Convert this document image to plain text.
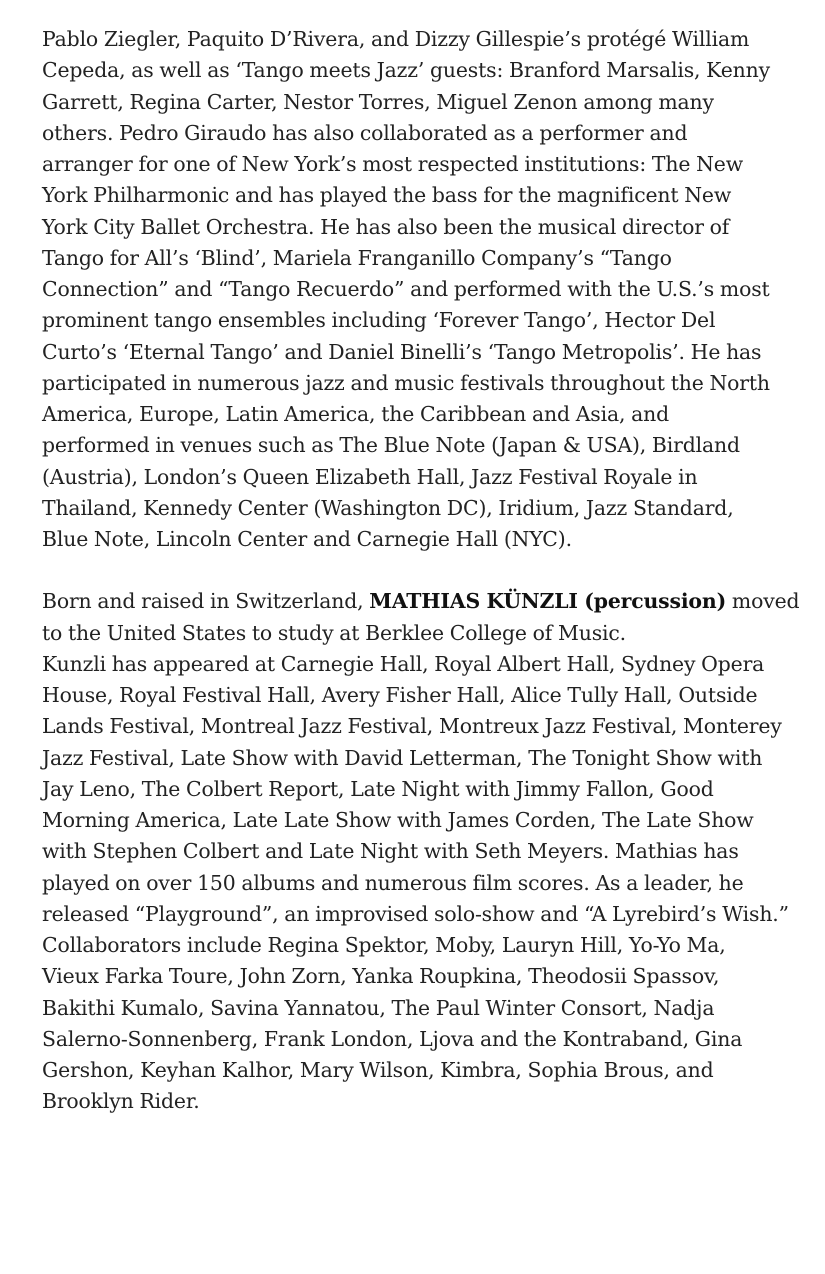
Pablo Ziegler, Paquito D’Rivera, and Dizzy Gillespie’s protégé William
Cepeda, as well as ‘Tango meets Jazz’ guests: Branford Marsalis, Kenny
Garrett, Regina Carter, Nestor Torres, Miguel Zenon among many
others. Pedro Giraudo has also collaborated as a performer and
arranger for one of New York’s most respected institutions: The New
York Philharmonic and has played the bass for the magnificent New
York City Ballet Orchestra. He has also been the musical director of
Tango for All’s ‘Blind’, Mariela Franganillo Company’s “Tango
Connection” and “Tango Recuerdo” and performed with the U.S.’s most
prominent tango ensembles including ‘Forever Tango’, Hector Del
Curto’s ‘Eternal Tango’ and Daniel Binelli’s ‘Tango Metropolis’. He has
participated in numerous jazz and music festivals throughout the North
America, Europe, Latin America, the Caribbean and Asia, and
performed in venues such as The Blue Note (Japan & USA), Birdland
(Austria), London’s Queen Elizabeth Hall, Jazz Festival Royale in
Thailand, Kennedy Center (Washington DC), Iridium, Jazz Standard,
Blue Note, Lincoln Center and Carnegie Hall (NYC).

Born and raised in Switzerland, MATHIAS KÜNZLI (percussion) moved
to the United States to study at Berklee College of Music.
Kunzli has appeared at Carnegie Hall, Royal Albert Hall, Sydney Opera
House, Royal Festival Hall, Avery Fisher Hall, Alice Tully Hall, Outside
Lands Festival, Montreal Jazz Festival, Montreux Jazz Festival, Monterey
Jazz Festival, Late Show with David Letterman, The Tonight Show with
Jay Leno, The Colbert Report, Late Night with Jimmy Fallon, Good
Morning America, Late Late Show with James Corden, The Late Show
with Stephen Colbert and Late Night with Seth Meyers. Mathias has
played on over 150 albums and numerous film scores. As a leader, he
released “Playground”, an improvised solo-show and “A Lyrebird’s Wish.”
Collaborators include Regina Spektor, Moby, Lauryn Hill, Yo-Yo Ma,
Vieux Farka Toure, John Zorn, Yanka Roupkina, Theodosii Spassov,
Bakithi Kumalo, Savina Yannatou, The Paul Winter Consort, Nadja
Salerno-Sonnenberg, Frank London, Ljova and the Kontraband, Gina
Gershon, Keyhan Kalhor, Mary Wilson, Kimbra, Sophia Brous, and
Brooklyn Rider.
